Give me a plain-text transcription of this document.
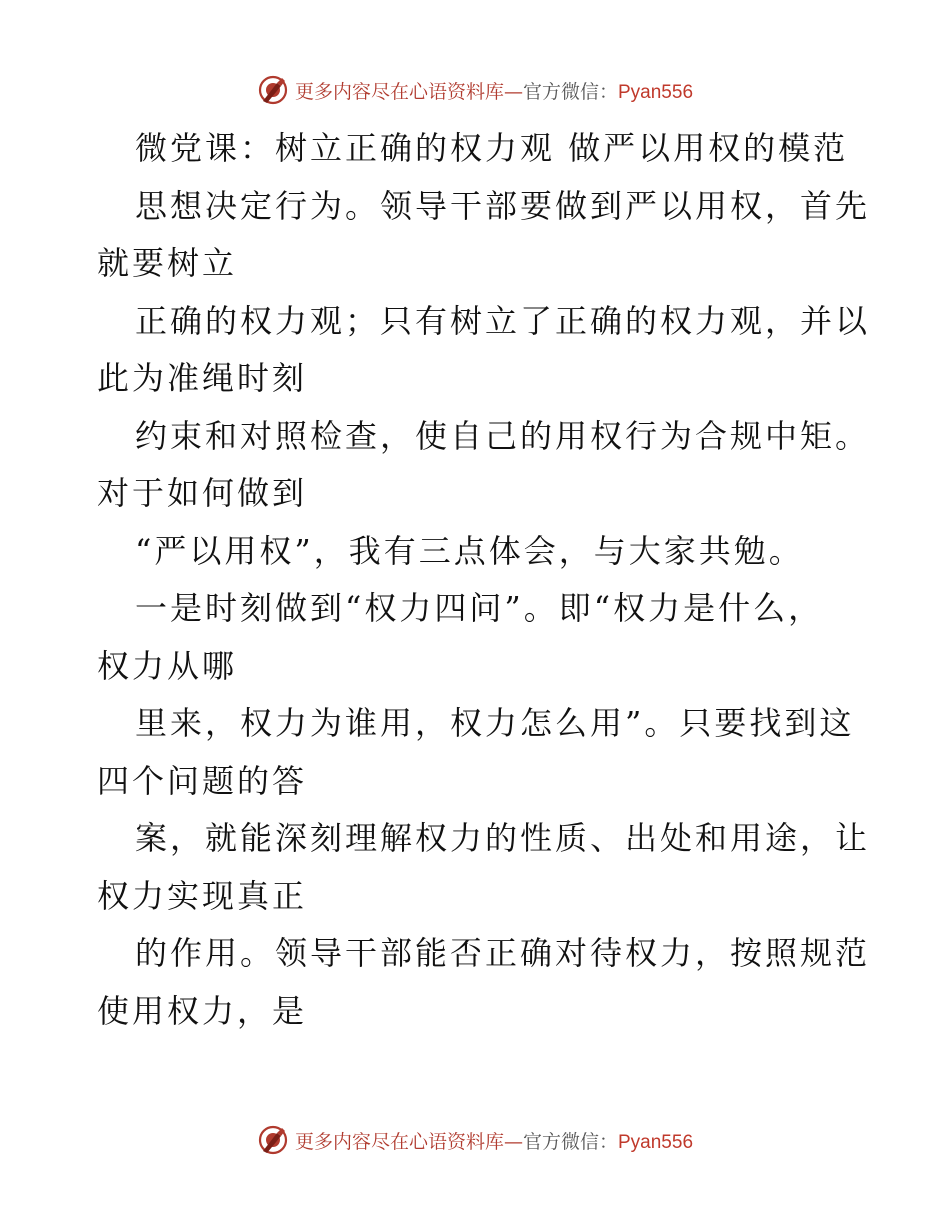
更多内容尽在心语资料库—官方微信：Pyan556
微党课：树立正确的权力观 做严以用权的模范
思想决定行为。领导干部要做到严以用权，首先
就要树立
正确的权力观；只有树立了正确的权力观，并以
此为准绳时刻
约束和对照检查，使自己的用权行为合规中矩。
对于如何做到
“严以用权”，我有三点体会，与大家共勉。
一是时刻做到“权力四问”。即“权力是什么，
权力从哪
里来，权力为谁用，权力怎么用”。只要找到这
四个问题的答
案，就能深刻理解权力的性质、出处和用途，让
权力实现真正
的作用。领导干部能否正确对待权力，按照规范
使用权力，是
更多内容尽在心语资料库—官方微信：Pyan556
